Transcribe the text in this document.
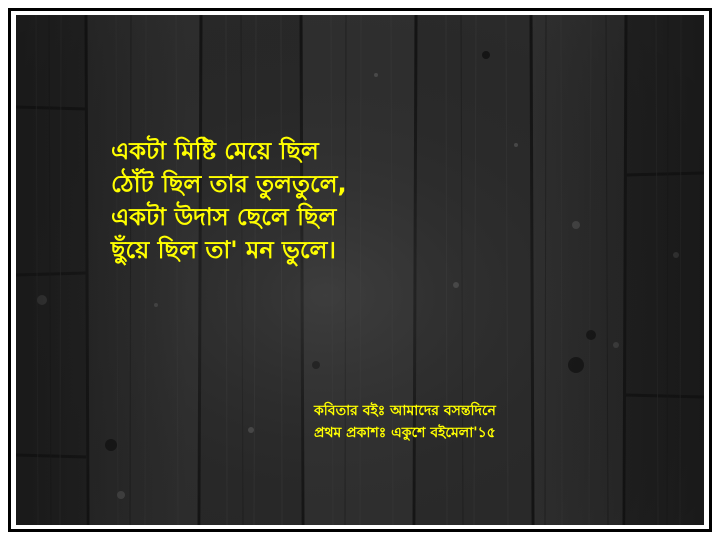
একটা মিষ্টি মেয়ে ছিল
ঠোঁট ছিল তার তুলতুলে,
একটা উদাস ছেলে ছিল
ছুঁয়ে ছিল তা' মন ভুলে।
কবিতার বইঃ আমাদের বসন্তদিনে
প্রথম প্রকাশঃ একুশে বইমেলা'১৫
